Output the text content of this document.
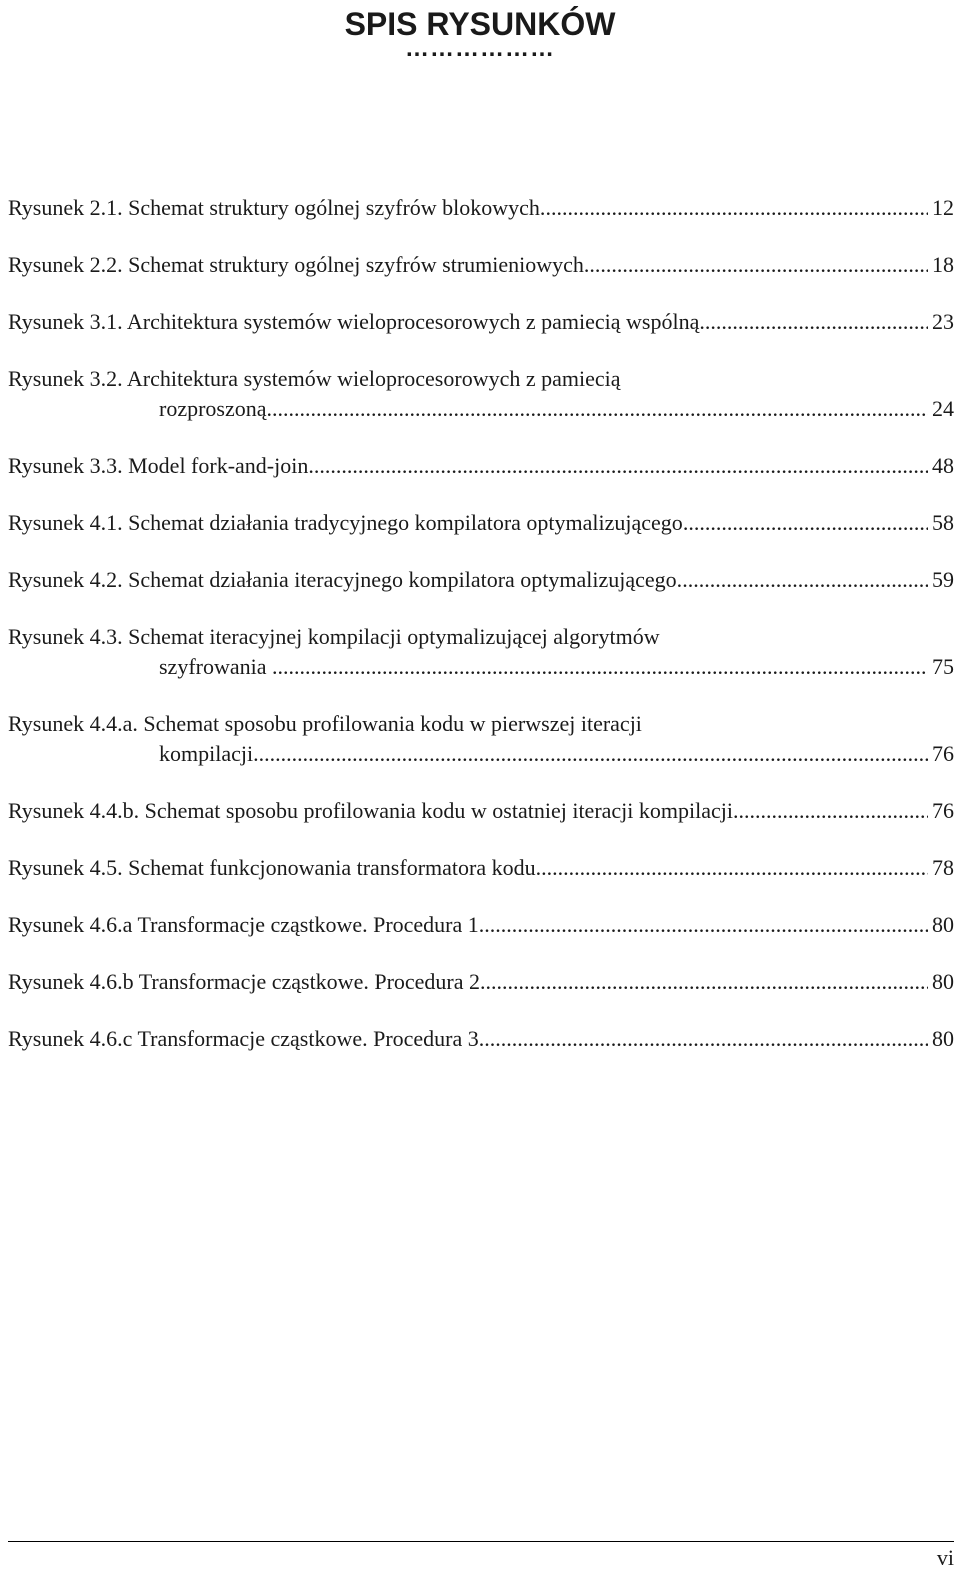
SPIS RYSUNKÓW
………………
Rysunek 2.1. Schemat struktury ogólnej szyfrów blokowych. .....	12
Rysunek 2.2. Schemat struktury ogólnej szyfrów strumieniowych. .....	18
Rysunek 3.1. Architektura systemów wieloprocesorowych z pamiecią wspólną. .....	23
Rysunek 3.2. Architektura systemów wieloprocesorowych z pamiecią
rozproszoną. .....	24
Rysunek 3.3. Model fork-and-join .....	48
Rysunek 4.1. Schemat działania tradycyjnego kompilatora optymalizującego .....	58
Rysunek 4.2. Schemat działania iteracyjnego kompilatora optymalizującego. .....	59
Rysunek 4.3. Schemat iteracyjnej kompilacji optymalizującej algorytmów
szyfrowania . .....	75
Rysunek 4.4.a. Schemat sposobu profilowania kodu w pierwszej iteracji
kompilacji .....	76
Rysunek 4.4.b. Schemat sposobu profilowania kodu w ostatniej iteracji kompilacji .....	76
Rysunek 4.5. Schemat funkcjonowania transformatora kodu. .....	78
Rysunek 4.6.a Transformacje cząstkowe. Procedura 1. .....	80
Rysunek 4.6.b Transformacje cząstkowe. Procedura 2. .....	80
Rysunek 4.6.c Transformacje cząstkowe. Procedura 3. .....	80
vi
